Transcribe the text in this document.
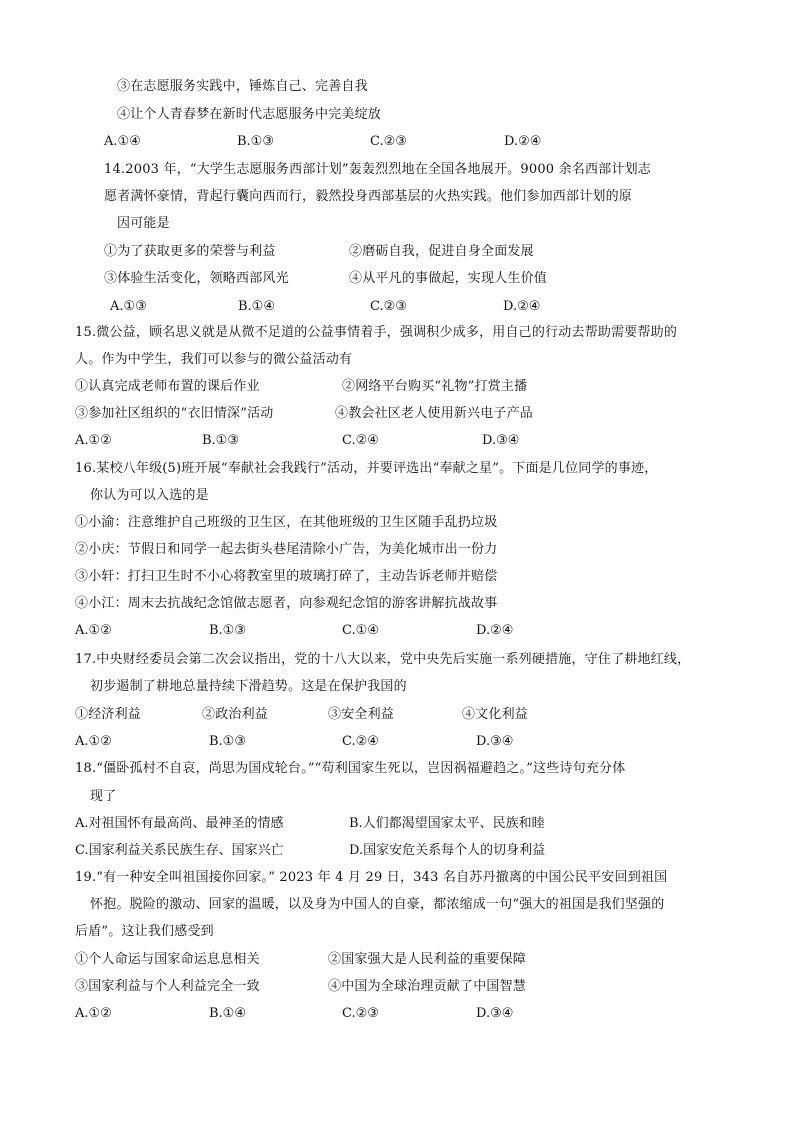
③在志愿服务实践中，锤炼自己、完善自我
④让个人青春梦在新时代志愿服务中完美绽放
A.①④	B.①③	C.②③	D.②④
14.2003 年，“大学生志愿服务西部计划”轰轰烈烈地在全国各地展开。9000 余名西部计划志
愿者满怀豪情，背起行囊向西而行，毅然投身西部基层的火热实践。他们参加西部计划的原
因可能是
①为了获取更多的荣誉与利益	②磨砺自我，促进自身全面发展
③体验生活变化，领略西部风光	④从平凡的事做起，实现人生价值
A.①③	B.①④	C.②③	D.②④
15.微公益，顾名思义就是从微不足道的公益事情着手，强调积少成多，用自己的行动去帮助需要帮助的
人。作为中学生，我们可以参与的微公益活动有
①认真完成老师布置的课后作业	②网络平台购买“礼物”打赏主播
③参加社区组织的“衣旧情深”活动	④教会社区老人使用新兴电子产品
A.①②	B.①③	C.②④	D.③④
16.某校八年级(5)班开展“奉献社会我践行”活动，并要评选出“奉献之星”。下面是几位同学的事迹，
你认为可以入选的是
①小渝：注意维护自己班级的卫生区，在其他班级的卫生区随手乱扔垃圾
②小庆：节假日和同学一起去街头巷尾清除小广告，为美化城市出一份力
③小轩：打扫卫生时不小心将教室里的玻璃打碎了，主动告诉老师并赔偿
④小江：周末去抗战纪念馆做志愿者，向参观纪念馆的游客讲解抗战故事
A.①②	B.①③	C.①④	D.②④
17.中央财经委员会第二次会议指出，党的十八大以来，党中央先后实施一系列硬措施，守住了耕地红线，
初步遏制了耕地总量持续下滑趋势。这是在保护我国的
①经济利益	②政治利益	③安全利益	④文化利益
A.①②	B.①③	C.②④	D.③④
18.“僵卧孤村不自哀，尚思为国戍轮台。”“苟利国家生死以，岂因祸福避趋之。”这些诗句充分体
现了
A.对祖国怀有最高尚、最神圣的情感	B.人们都渴望国家太平、民族和睦
C.国家利益关系民族生存、国家兴亡	D.国家安危关系每个人的切身利益
19.“有一种安全叫祖国接你回家。” 2023 年 4 月 29 日，343 名自苏丹撤离的中国公民平安回到祖国
怀抱。脱险的激动、回家的温暖，以及身为中国人的自豪，都浓缩成一句“强大的祖国是我们坚强的
后盾”。这让我们感受到
①个人命运与国家命运息息相关	②国家强大是人民利益的重要保障
③国家利益与个人利益完全一致	④中国为全球治理贡献了中国智慧
A.①②	B.①④	C.②③	D.③④
